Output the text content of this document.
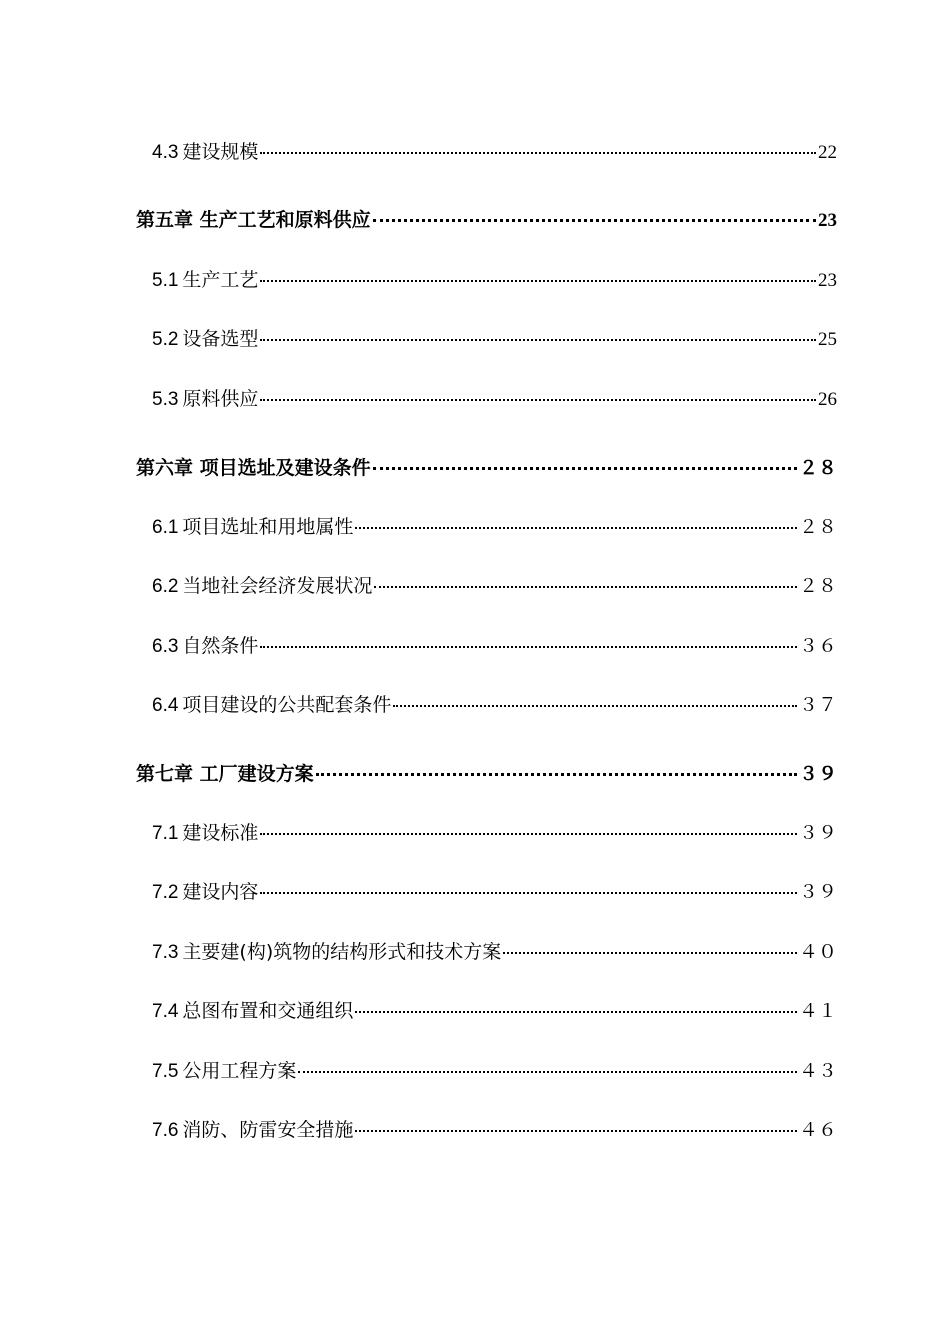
4.3 建设规模	22
第五章 生产工艺和原料供应	23
5.1 生产工艺	23
5.2 设备选型	25
5.3 原料供应	26
第六章 项目选址及建设条件	２８
6.1 项目选址和用地属性	２８
6.2 当地社会经济发展状况	２８
6.3 自然条件	３６
6.4 项目建设的公共配套条件	３７
第七章 工厂建设方案	３９
7.1 建设标准	３９
7.2 建设内容	３９
7.3 主要建(构)筑物的结构形式和技术方案	４０
7.4 总图布置和交通组织	４１
7.5 公用工程方案	４３
7.6 消防、防雷安全措施	４６
